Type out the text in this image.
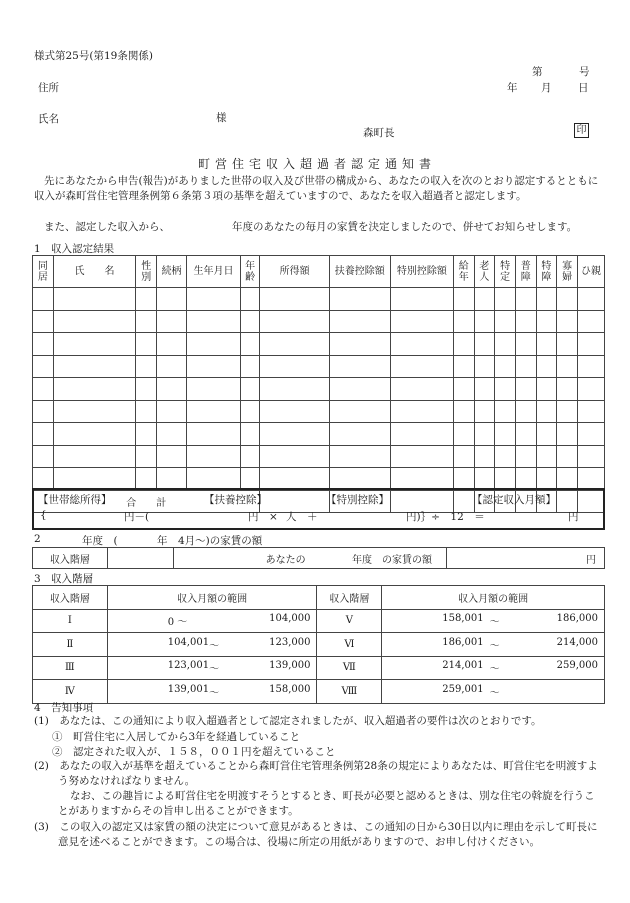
様式第25号(第19条関係)
第	号
住所	年 月	日
氏名	様
森町長	印
町営住宅収入超過者認定通知書
先にあなたから申告(報告)がありました世帯の収入及び世帯の構成から、あなたの収入を次のとおり認定するとともに収入が森町営住宅管理条例第６条第３項の基準を超えていますので、あなたを収入超過者と認定します。
また、認定した収入から、	年度のあなたの毎月の家賃を決定しましたので、併せてお知らせします。
1　収入認定結果
同居	氏　　名	性別	続柄	生年月日	年齢	所得額	扶養控除額	特別控除額	給年	老人	特定	普障	特障	寡婦	ひ親

合　　計															
【世帯総所得】	【扶養控除】	【特別控除】	【認定収入月額】
{	円－(	円　× 人　＋	円)｝÷　12　＝	円
2	年度　(	年　4月～)の家賃の額
収入階層		あなたの	年度　の家賃の額	円
3　収入階層
収入階層	収入月額の範囲	収入階層	収入月額の範囲
Ⅰ	0 ～ 104,000	Ⅴ	158,001 ～ 186,000

Ⅱ	104,001 ～ 123,000	Ⅵ	186,001 ～ 214,000

Ⅲ	123,001 ～ 139,000	Ⅶ	214,001 ～ 259,000

Ⅳ	139,001 ～ 158,000	Ⅷ	259,001 ～
4　告知事項
(1)　あなたは、この通知により収入超過者として認定されましたが、収入超過者の要件は次のとおりです。
①　町営住宅に入居してから3年を経過していること
②　認定された収入が、１５８，００１円を超えていること
(2)　あなたの収入が基準を超えていることから森町営住宅管理条例第28条の規定によりあなたは、町営住宅を明渡すよう努めなければなりません。
なお、この趣旨による町営住宅を明渡すそうとするとき、町長が必要と認めるときは、別な住宅の斡旋を行うことがありますからその旨申し出ることができます。
(3)　この収入の認定又は家賃の額の決定について意見があるときは、この通知の日から30日以内に理由を示して町長に意見を述べることができます。この場合は、役場に所定の用紙がありますので、お申し付けください。
